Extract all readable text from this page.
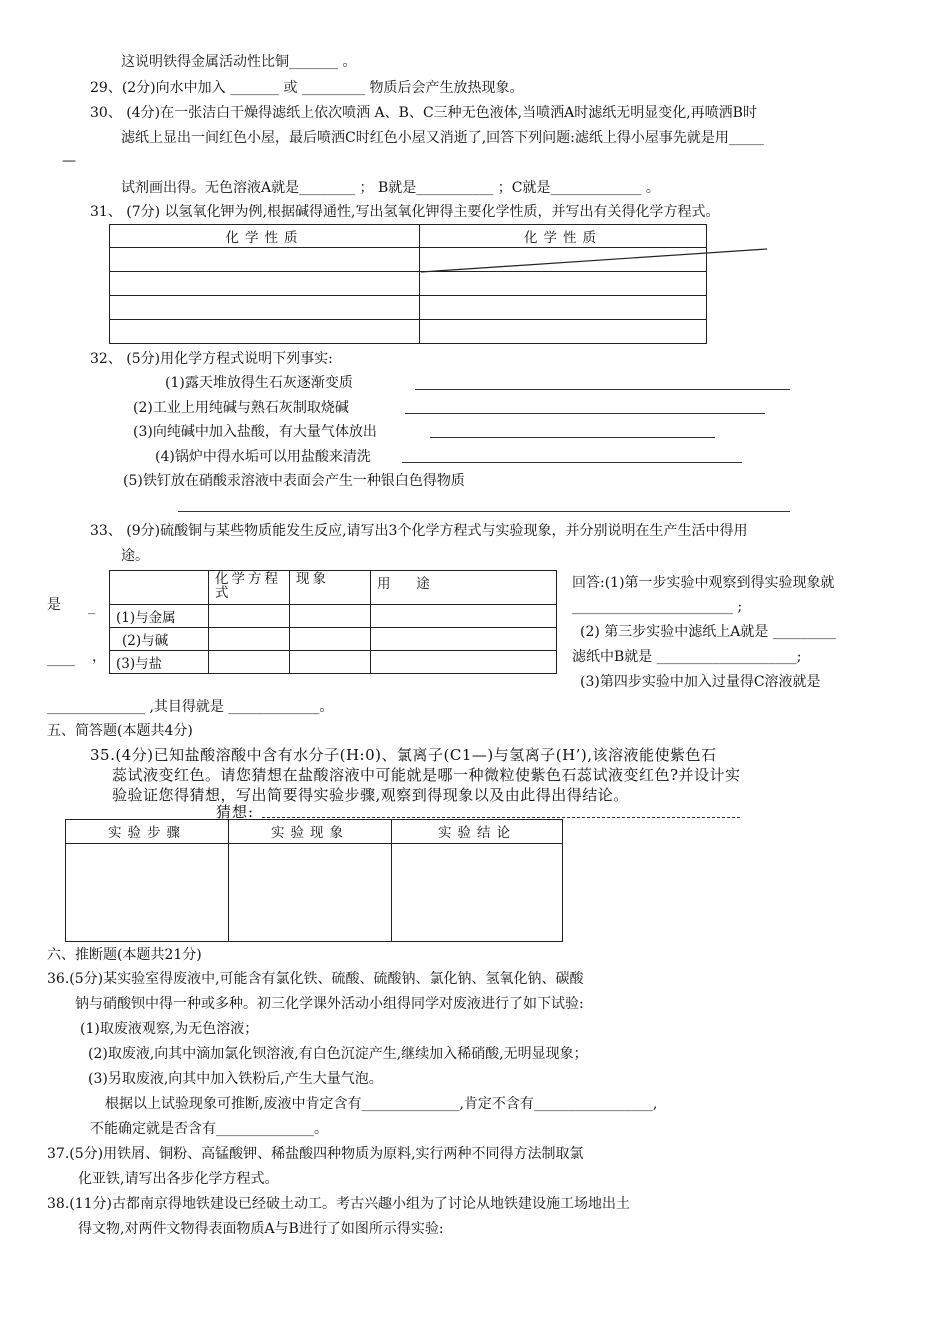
这说明铁得金属活动性比铜_______ 。
29、(2分)向水中加入 _______ 或 _________ 物质后会产生放热现象。
30、 (4分)在一张洁白干燥得滤纸上依次喷洒 A、B、C三种无色液体,当喷洒A时滤纸无明显变化,再喷洒B时
滤纸上显出一间红色小屋，最后喷洒C时红色小屋又消逝了,回答下列问题:滤纸上得小屋事先就是用_____
—
试剂画出得。无色溶液A就是________ ； B就是___________ ；C就是_____________ 。
31、 (7分) 以氢氧化钾为例,根据碱得通性,写出氢氧化钾得主要化学性质，并写出有关得化学方程式。
化学性质	化学性质

32、 (5分)用化学方程式说明下列事实:
(1)露天堆放得生石灰逐渐变质
(2)工业上用纯碱与熟石灰制取烧碱
(3)向纯碱中加入盐酸，有大量气体放出
(4)锅炉中得水垢可以用盐酸来清洗
(5)铁钉放在硝酸汞溶液中表面会产生一种银白色得物质
33、 (9分)硫酸铜与某些物质能发生反应,请写出3个化学方程式与实验现象，并分别说明在生产生活中得用
途。
是 _
____ ，
	化学方程式	现象	用      途
(1)与金属			
(2)与碱			
(3)与盐			
回答:(1)第一步实验中观察到得实验现象就
_______________________ ;
(2) 第三步实验中滤纸上A就是 _________
滤纸中B就是 ____________________;
(3)第四步实验中加入过量得C溶液就是
______________ ,其目得就是 _____________。
五、简答题(本题共4分)
35.(4分)已知盐酸溶酸中含有水分子(H:0)、氯离子(C1—)与氢离子(H’),该溶液能使紫色石
蕊试液变红色。请您猜想在盐酸溶液中可能就是哪一种微粒使紫色石蕊试液变红色?并设计实
验验证您得猜想，写出简要得实验步骤,观察到得现象以及由此得出得结论。
猜想:
实验步骤	实验现象	实验结论

六、推断题(本题共21分)
36.(5分)某实验室得废液中,可能含有氯化铁、硫酸、硫酸钠、氯化钠、氢氧化钠、碳酸
钠与硝酸钡中得一种或多种。初三化学课外活动小组得同学对废液进行了如下试验:
(1)取废液观察,为无色溶液；
(2)取废液,向其中滴加氯化钡溶液,有白色沉淀产生,继续加入稀硝酸,无明显现象；
(3)另取废液,向其中加入铁粉后,产生大量气泡。
根据以上试验现象可推断,废液中肯定含有______________,肯定不含有_________________,
不能确定就是否含有______________。
37.(5分)用铁屑、铜粉、高锰酸钾、稀盐酸四种物质为原料,实行两种不同得方法制取氯
化亚铁,请写出各步化学方程式。
38.(11分)古都南京得地铁建设已经破土动工。考古兴趣小组为了讨论从地铁建设施工场地出土
得文物,对两件文物得表面物质A与B进行了如图所示得实验:
